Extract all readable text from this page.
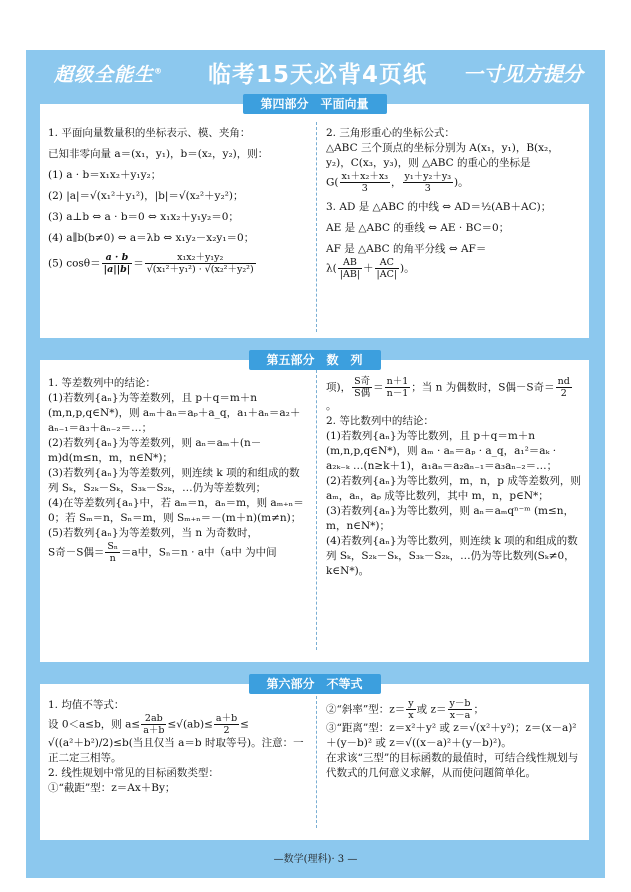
超级全能生® 临考15天必背4页纸 一寸见方提分
第四部分　平面向量

1. 平面向量数量积的坐标表示、模、夹角：

已知非零向量 a＝(x₁，y₁)，b＝(x₂，y₂)，则：

(1) a · b＝x₁x₂＋y₁y₂；

(2) |a|＝√(x₁²＋y₁²)，|b|＝√(x₂²＋y₂²)；

(3) a⊥b ⇔ a · b＝0 ⇔ x₁x₂＋y₁y₂＝0；

(4) a∥b(b≠0) ⇔ a＝λb ⇔ x₁y₂－x₂y₁＝0；

(5) $\cos\theta= \frac{a \cdot b}{|a||b|} = \frac{\text{x₁x₂＋y₁y₂}}{\text{√(x₁²＋y₁²) · √(x₂²＋y₂²)}}$

2. 三角形重心的坐标公式：

△ABC 三个顶点的坐标分别为 A(x₁，y₁)，B(x₂，y₂)，C(x₃，y₃)，则 △ABC 的重心的坐标是

$G( \frac{\text{x₁＋x₂＋x₃}}{3}$ ， $\frac{\text{y₁＋y₂＋y₃}}{3}$ )。

3. AD 是 △ABC 的中线 ⇔ AD＝½(AB＋AC)；

AE 是 △ABC 的垂线 ⇔ AE · BC＝0；

AF 是 △ABC 的角平分线 ⇔ AF＝

$\lambda( \frac{AB}{|AB|} + \frac{AC}{|AC|}$ )。

第五部分　数　列

1. 等差数列中的结论：

(1)若数列{aₙ}为等差数列，且 p＋q＝m＋n (m,n,p,q∈N*)，则 aₘ＋aₙ＝aₚ＋a_q，a₁＋aₙ＝a₂＋aₙ₋₁＝a₃＋aₙ₋₂＝…；

(2)若数列{aₙ}为等差数列，则 aₙ＝aₘ＋(n－m)d(m≤n，m，n∈N*)；

(3)若数列{aₙ}为等差数列，则连续 k 项的和组成的数列 Sₖ，S₂ₖ－Sₖ，S₃ₖ－S₂ₖ，…仍为等差数列；

(4)在等差数列{aₙ}中，若 aₘ＝n，aₙ＝m，则 aₘ₊ₙ＝0；若 Sₘ＝n，Sₙ＝m，则 Sₘ₊ₙ＝－(m＋n)(m≠n)；

(5)若数列{aₙ}为等差数列，当 n 为奇数时，

S奇－S偶＝ $\frac{\text{Sₙ}}{n} =a$中，Sₙ＝n · a中（a中 为中间

项)， $\frac{\text{S奇}}{\text{S偶}} = \frac{n+1}{n-1}$ ；当 n 为偶数时，S偶－S奇＝ $\frac{nd}{2}$
。

2. 等比数列中的结论：

(1)若数列{aₙ}为等比数列，且 p＋q＝m＋n (m,n,p,q∈N*)，则 aₘ · aₙ＝aₚ · a_q，a₁²＝aₖ · a₂ₖ₋ₖ …(n≥k＋1)，a₁aₙ＝a₂aₙ₋₁＝a₃aₙ₋₂＝…；

(2)若数列{aₙ}为等比数列，m，n，p 成等差数列，则 aₘ，aₙ，aₚ 成等比数列，其中 m，n，p∈N*；

(3)若数列{aₙ}为等比数列，则 aₙ＝aₘqⁿ⁻ᵐ (m≤n，m，n∈N*)；

(4)若数列{aₙ}为等比数列，则连续 k 项的和组成的数列 Sₖ，S₂ₖ－Sₖ，S₃ₖ－S₂ₖ，…仍为等比数列(Sₖ≠0，k∈N*)。

第六部分　不等式

1. 均值不等式：

设 0＜a≤b，则 $a\le \frac{2ab}{a+b} \le√(ab)\le \frac{a+b}{2}$ ≤

√((a²＋b²)/2)≤b(当且仅当 a＝b 时取等号)。注意：一正二定三相等。

2. 线性规划中常见的目标函数类型：

①“截距”型：z＝Ax＋By；

②“斜率”型：$z= \frac{y}{x}$ 或 $z= \frac{y-b}{x-a}$ ；

③“距离”型：z＝x²＋y² 或 z＝√(x²＋y²)；z＝(x－a)²＋(y－b)² 或 z＝√((x－a)²＋(y－b)²)。

在求该“三型”的目标函数的最值时，可结合线性规划与代数式的几何意义求解，从而使问题简单化。

—数学(理科)· 3 —
